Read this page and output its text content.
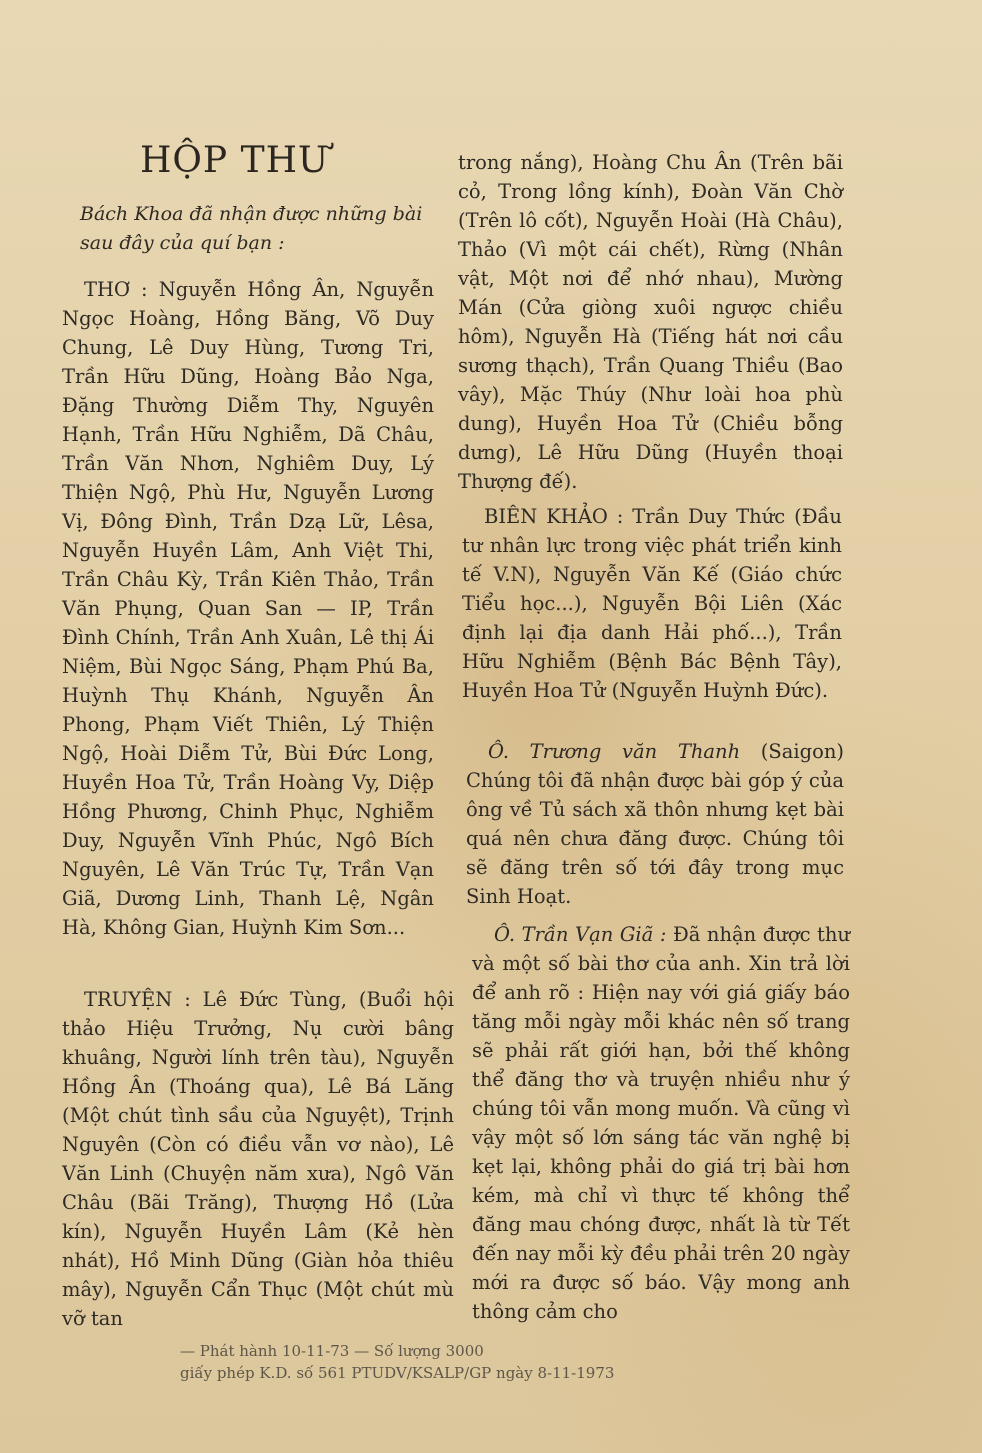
HỘP THƯ
Bách Khoa đã nhận được những bài sau đây của quí bạn :

THƠ : Nguyễn Hồng Ân, Nguyễn Ngọc Hoàng, Hồng Băng, Võ Duy Chung, Lê Duy Hùng, Tương Tri, Trần Hữu Dũng, Hoàng Bảo Nga, Đặng Thường Diễm Thy, Nguyên Hạnh, Trần Hữu Nghiễm, Dã Châu, Trần Văn Nhơn, Nghiêm Duy, Lý Thiện Ngộ, Phù Hư, Nguyễn Lương Vị, Đông Đình, Trần Dzạ Lữ, Lêsa, Nguyễn Huyền Lâm, Anh Việt Thi, Trần Châu Kỳ, Trần Kiên Thảo, Trần Văn Phụng, Quan San — IP, Trần Đình Chính, Trần Anh Xuân, Lê thị Ái Niệm, Bùi Ngọc Sáng, Phạm Phú Ba, Huỳnh Thụ Khánh, Nguyễn Ân Phong, Phạm Viết Thiên, Lý Thiện Ngộ, Hoài Diễm Tử, Bùi Đức Long, Huyền Hoa Tử, Trần Hoàng Vy, Diệp Hồng Phương, Chinh Phục, Nghiễm Duy, Nguyễn Vĩnh Phúc, Ngô Bích Nguyên, Lê Văn Trúc Tự, Trần Vạn Giã, Dương Linh, Thanh Lệ, Ngân Hà, Không Gian, Huỳnh Kim Sơn...

TRUYỆN : Lê Đức Tùng, (Buổi hội thảo Hiệu Trưởng, Nụ cười bâng khuâng, Người lính trên tàu), Nguyễn Hồng Ân (Thoáng qua), Lê Bá Lăng (Một chút tình sầu của Nguyệt), Trịnh Nguyên (Còn có điều vẫn vơ nào), Lê Văn Linh (Chuyện năm xưa), Ngô Văn Châu (Bãi Trăng), Thượng Hồ (Lửa kín), Nguyễn Huyền Lâm (Kẻ hèn nhát), Hồ Minh Dũng (Giàn hỏa thiêu mây), Nguyễn Cẩn Thục (Một chút mù vỡ tan

trong nắng), Hoàng Chu Ân (Trên bãi cỏ, Trong lồng kính), Đoàn Văn Chờ (Trên lô cốt), Nguyễn Hoài (Hà Châu), Thảo (Vì một cái chết), Rừng (Nhân vật, Một nơi để nhớ nhau), Mường Mán (Cửa giòng xuôi ngược chiều hôm), Nguyễn Hà (Tiếng hát nơi cầu sương thạch), Trần Quang Thiều (Bao vây), Mặc Thúy (Như loài hoa phù dung), Huyền Hoa Tử (Chiều bỗng dưng), Lê Hữu Dũng (Huyền thoại Thượng đế).

BIÊN KHẢO : Trần Duy Thức (Đầu tư nhân lực trong việc phát triển kinh tế V.N), Nguyễn Văn Kế (Giáo chức Tiểu học...), Nguyễn Bội Liên (Xác định lại địa danh Hải phố...), Trần Hữu Nghiễm (Bệnh Bác Bệnh Tây), Huyền Hoa Tử (Nguyễn Huỳnh Đức).

Ô. Trương văn Thanh (Saigon) Chúng tôi đã nhận được bài góp ý của ông về Tủ sách xã thôn nhưng kẹt bài quá nên chưa đăng được. Chúng tôi sẽ đăng trên số tới đây trong mục Sinh Hoạt.

Ô. Trần Vạn Giã : Đã nhận được thư và một số bài thơ của anh. Xin trả lời để anh rõ : Hiện nay với giá giấy báo tăng mỗi ngày mỗi khác nên số trang sẽ phải rất giới hạn, bởi thế không thể đăng thơ và truyện nhiều như ý chúng tôi vẫn mong muốn. Và cũng vì vậy một số lớn sáng tác văn nghệ bị kẹt lại, không phải do giá trị bài hơn kém, mà chỉ vì thực tế không thể đăng mau chóng được, nhất là từ Tết đến nay mỗi kỳ đều phải trên 20 ngày mới ra được số báo. Vậy mong anh thông cảm cho

— Phát hành 10-11-73 — Số lượng 3000
giấy phép K.D. số 561 PTUDV/KSALP/GP ngày 8-11-1973
